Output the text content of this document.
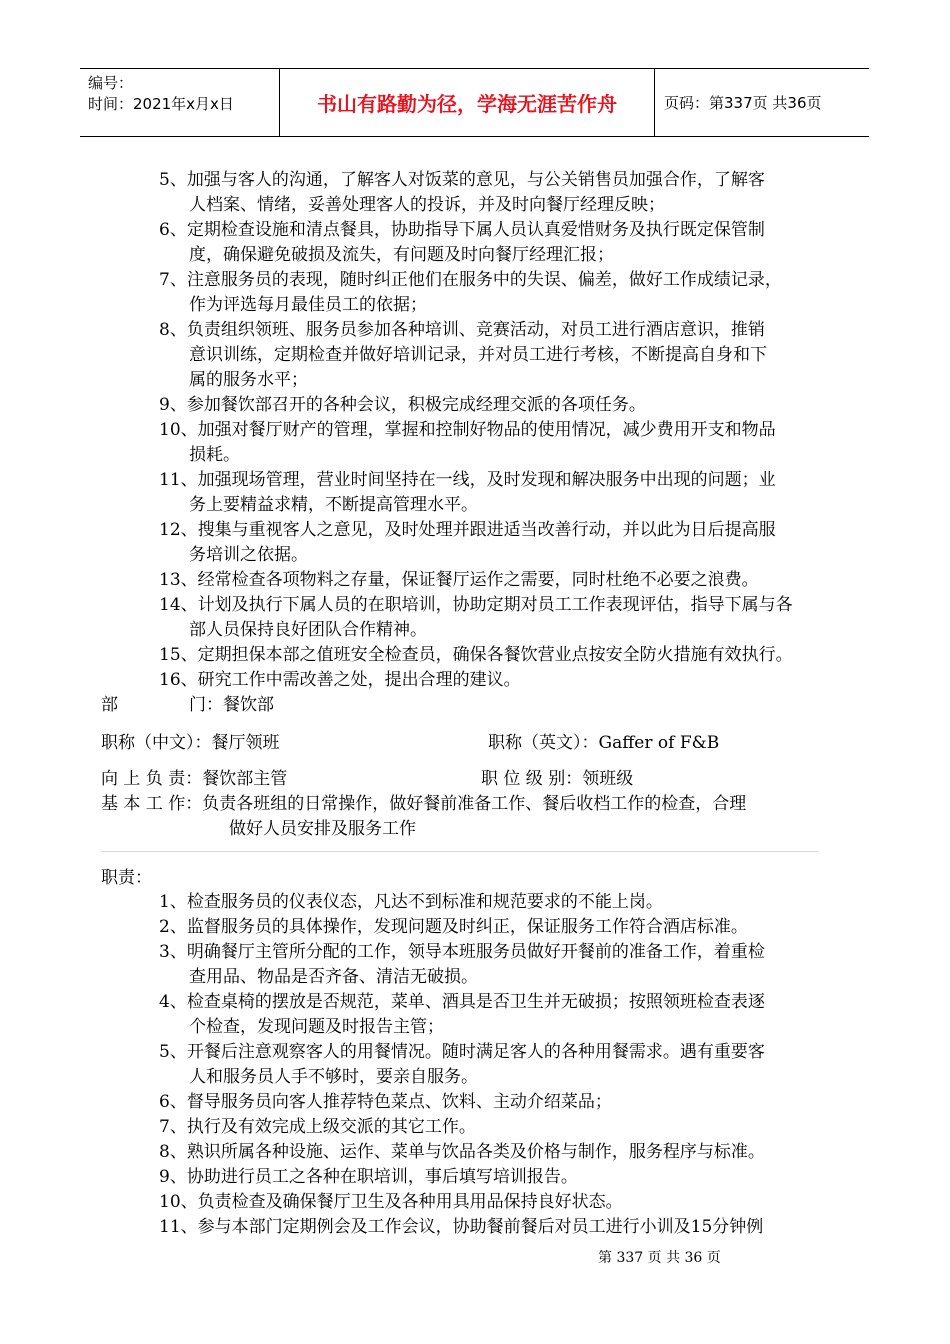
编号：
时间：2021年x月x日	书山有路勤为径，学海无涯苦作舟	页码：第337页 共36页
5、加强与客人的沟通，了解客人对饭菜的意见，与公关销售员加强合作，了解客
人档案、情绪，妥善处理客人的投诉，并及时向餐厅经理反映；
6、定期检查设施和清点餐具，协助指导下属人员认真爱惜财务及执行既定保管制
度，确保避免破损及流失，有问题及时向餐厅经理汇报；
7、注意服务员的表现，随时纠正他们在服务中的失误、偏差，做好工作成绩记录，
作为评选每月最佳员工的依据；
8、负责组织领班、服务员参加各种培训、竞赛活动，对员工进行酒店意识，推销
意识训练，定期检查并做好培训记录，并对员工进行考核，不断提高自身和下
属的服务水平；
9、参加餐饮部召开的各种会议，积极完成经理交派的各项任务。
10、加强对餐厅财产的管理，掌握和控制好物品的使用情况，减少费用开支和物品
损耗。
11、加强现场管理，营业时间坚持在一线，及时发现和解决服务中出现的问题；业
务上要精益求精，不断提高管理水平。
12、搜集与重视客人之意见，及时处理并跟进适当改善行动，并以此为日后提高服
务培训之依据。
13、经常检查各项物料之存量，保证餐厅运作之需要，同时杜绝不必要之浪费。
14、计划及执行下属人员的在职培训，协助定期对员工工作表现评估，指导下属与各
部人员保持良好团队合作精神。
15、定期担保本部之值班安全检查员，确保各餐饮营业点按安全防火措施有效执行。
16、研究工作中需改善之处，提出合理的建议。
部	门：餐饮部
职称（中文）：餐厅领班	职称（英文）：Gaffer of F&B
向 上 负 责：餐饮部主管	职 位 级 别：领班级
基 本 工 作：负责各班组的日常操作，做好餐前准备工作、餐后收档工作的检查，合理
做好人员安排及服务工作
职责：
1、检查服务员的仪表仪态，凡达不到标准和规范要求的不能上岗。
2、监督服务员的具体操作，发现问题及时纠正，保证服务工作符合酒店标准。
3、明确餐厅主管所分配的工作，领导本班服务员做好开餐前的准备工作，着重检
查用品、物品是否齐备、清洁无破损。
4、检查桌椅的摆放是否规范，菜单、酒具是否卫生并无破损；按照领班检查表逐
个检查，发现问题及时报告主管；
5、开餐后注意观察客人的用餐情况。随时满足客人的各种用餐需求。遇有重要客
人和服务员人手不够时，要亲自服务。
6、督导服务员向客人推荐特色菜点、饮料、主动介绍菜品；
7、执行及有效完成上级交派的其它工作。
8、熟识所属各种设施、运作、菜单与饮品各类及价格与制作，服务程序与标准。
9、协助进行员工之各种在职培训，事后填写培训报告。
10、负责检查及确保餐厅卫生及各种用具用品保持良好状态。
11、参与本部门定期例会及工作会议，协助餐前餐后对员工进行小训及15分钟例
第 337 页 共 36 页
